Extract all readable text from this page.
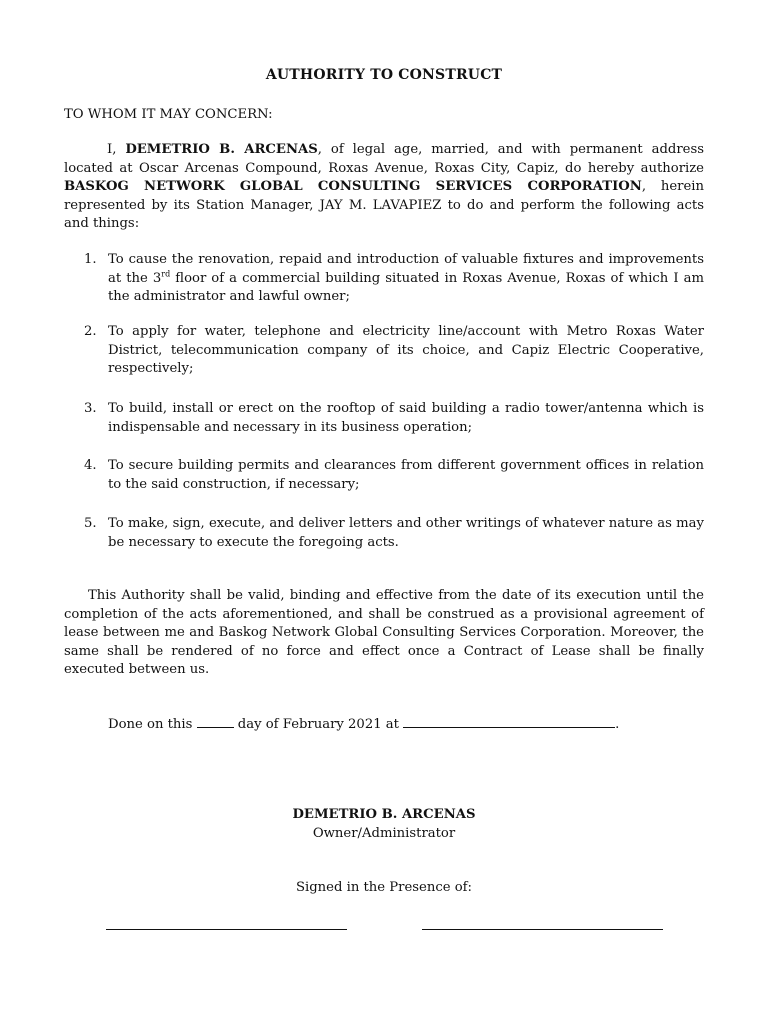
AUTHORITY TO CONSTRUCT
TO WHOM IT MAY CONCERN:
I, DEMETRIO B. ARCENAS, of legal age, married, and with permanent address located at Oscar Arcenas Compound, Roxas Avenue, Roxas City, Capiz, do hereby authorize BASKOG NETWORK GLOBAL CONSULTING SERVICES CORPORATION, herein represented by its Station Manager, JAY M. LAVAPIEZ to do and perform the following acts and things:
1. To cause the renovation, repaid and introduction of valuable fixtures and improvements at the 3rd floor of a commercial building situated in Roxas Avenue, Roxas of which I am the administrator and lawful owner;
2. To apply for water, telephone and electricity line/account with Metro Roxas Water District, telecommunication company of its choice, and Capiz Electric Cooperative, respectively;
3. To build, install or erect on the rooftop of said building a radio tower/antenna which is indispensable and necessary in its business operation;
4. To secure building permits and clearances from different government offices in relation to the said construction, if necessary;
5. To make, sign, execute, and deliver letters and other writings of whatever nature as may be necessary to execute the foregoing acts.
This Authority shall be valid, binding and effective from the date of its execution until the completion of the acts aforementioned, and shall be construed as a provisional agreement of lease between me and Baskog Network Global Consulting Services Corporation. Moreover, the same shall be rendered of no force and effect once a Contract of Lease shall be finally executed between us.
Done on this	day of February 2021 at	.
DEMETRIO B. ARCENAS
Owner/Administrator
Signed in the Presence of:
